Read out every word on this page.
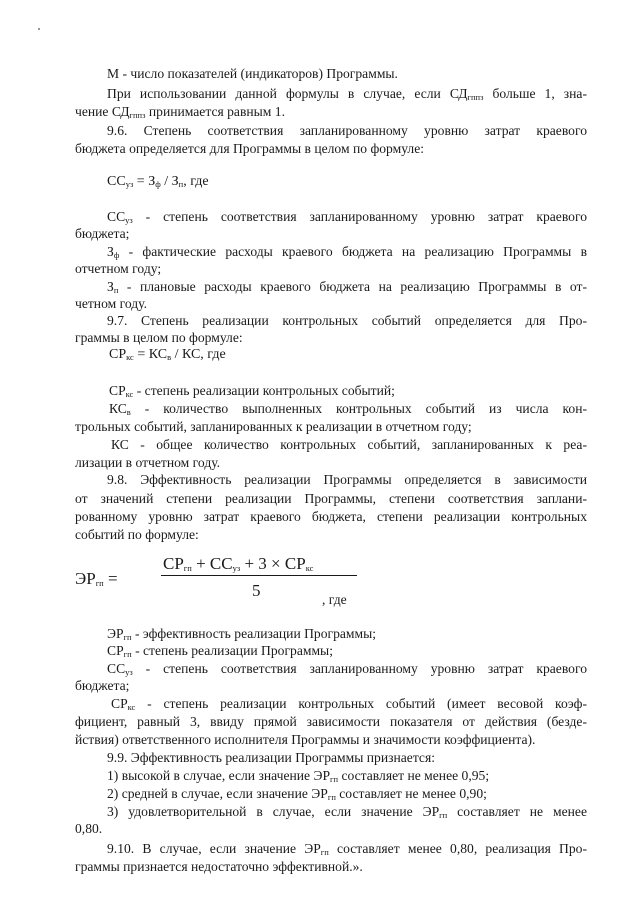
М - число показателей (индикаторов) Программы.
При использовании данной формулы в случае, если $СД_{гппз}$ больше 1, зна-
чение $СД_{гппз}$ принимается равным 1.
9.6. Степень соответствия запланированному уровню затрат краевого
бюджета определяется для Программы в целом по формуле:
$СС_{уз} = З_ф / З_п$, где
$СС_{уз}$ - степень соответствия запланированному уровню затрат краевого
бюджета;
$З_ф$ - фактические расходы краевого бюджета на реализацию Программы в
отчетном году;
$З_п$ - плановые расходы краевого бюджета на реализацию Программы в от-
четном году.
9.7. Степень реализации контрольных событий определяется для Про-
граммы в целом по формуле:
$СР_{кс} = КС_в$ / КС, где
$СР_{кс}$ - степень реализации контрольных событий;
$КС_в$ - количество выполненных контрольных событий из числа кон-
трольных событий, запланированных к реализации в отчетном году;
КС - общее количество контрольных событий, запланированных к реа-
лизации в отчетном году.
9.8. Эффективность реализации Программы определяется в зависимости
от значений степени реализации Программы, степени соответствия заплани-
рованному уровню затрат краевого бюджета, степени реализации контрольных
событий по формуле:
$ЭР_{гп}$ =
$СР_{гп} + СС_{уз} + 3 \times СР_{кс}$
5	, где
$ЭР_{гп}$ - эффективность реализации Программы;
$СР_{гп}$ - степень реализации Программы;
$СС_{уз}$ - степень соответствия запланированному уровню затрат краевого
бюджета;
$СР_{кс}$ - степень реализации контрольных событий (имеет весовой коэф-
фициент, равный 3, ввиду прямой зависимости показателя от действия (безде-
йствия) ответственного исполнителя Программы и значимости коэффициента).
9.9. Эффективность реализации Программы признается:
1) высокой в случае, если значение $ЭР_{гп}$ составляет не менее 0,95;
2) средней в случае, если значение $ЭР_{гп}$ составляет не менее 0,90;
3) удовлетворительной в случае, если значение $ЭР_{гп}$ составляет не менее
0,80.
9.10. В случае, если значение $ЭР_{гп}$ составляет менее 0,80, реализация Про-
граммы признается недостаточно эффективной.».
